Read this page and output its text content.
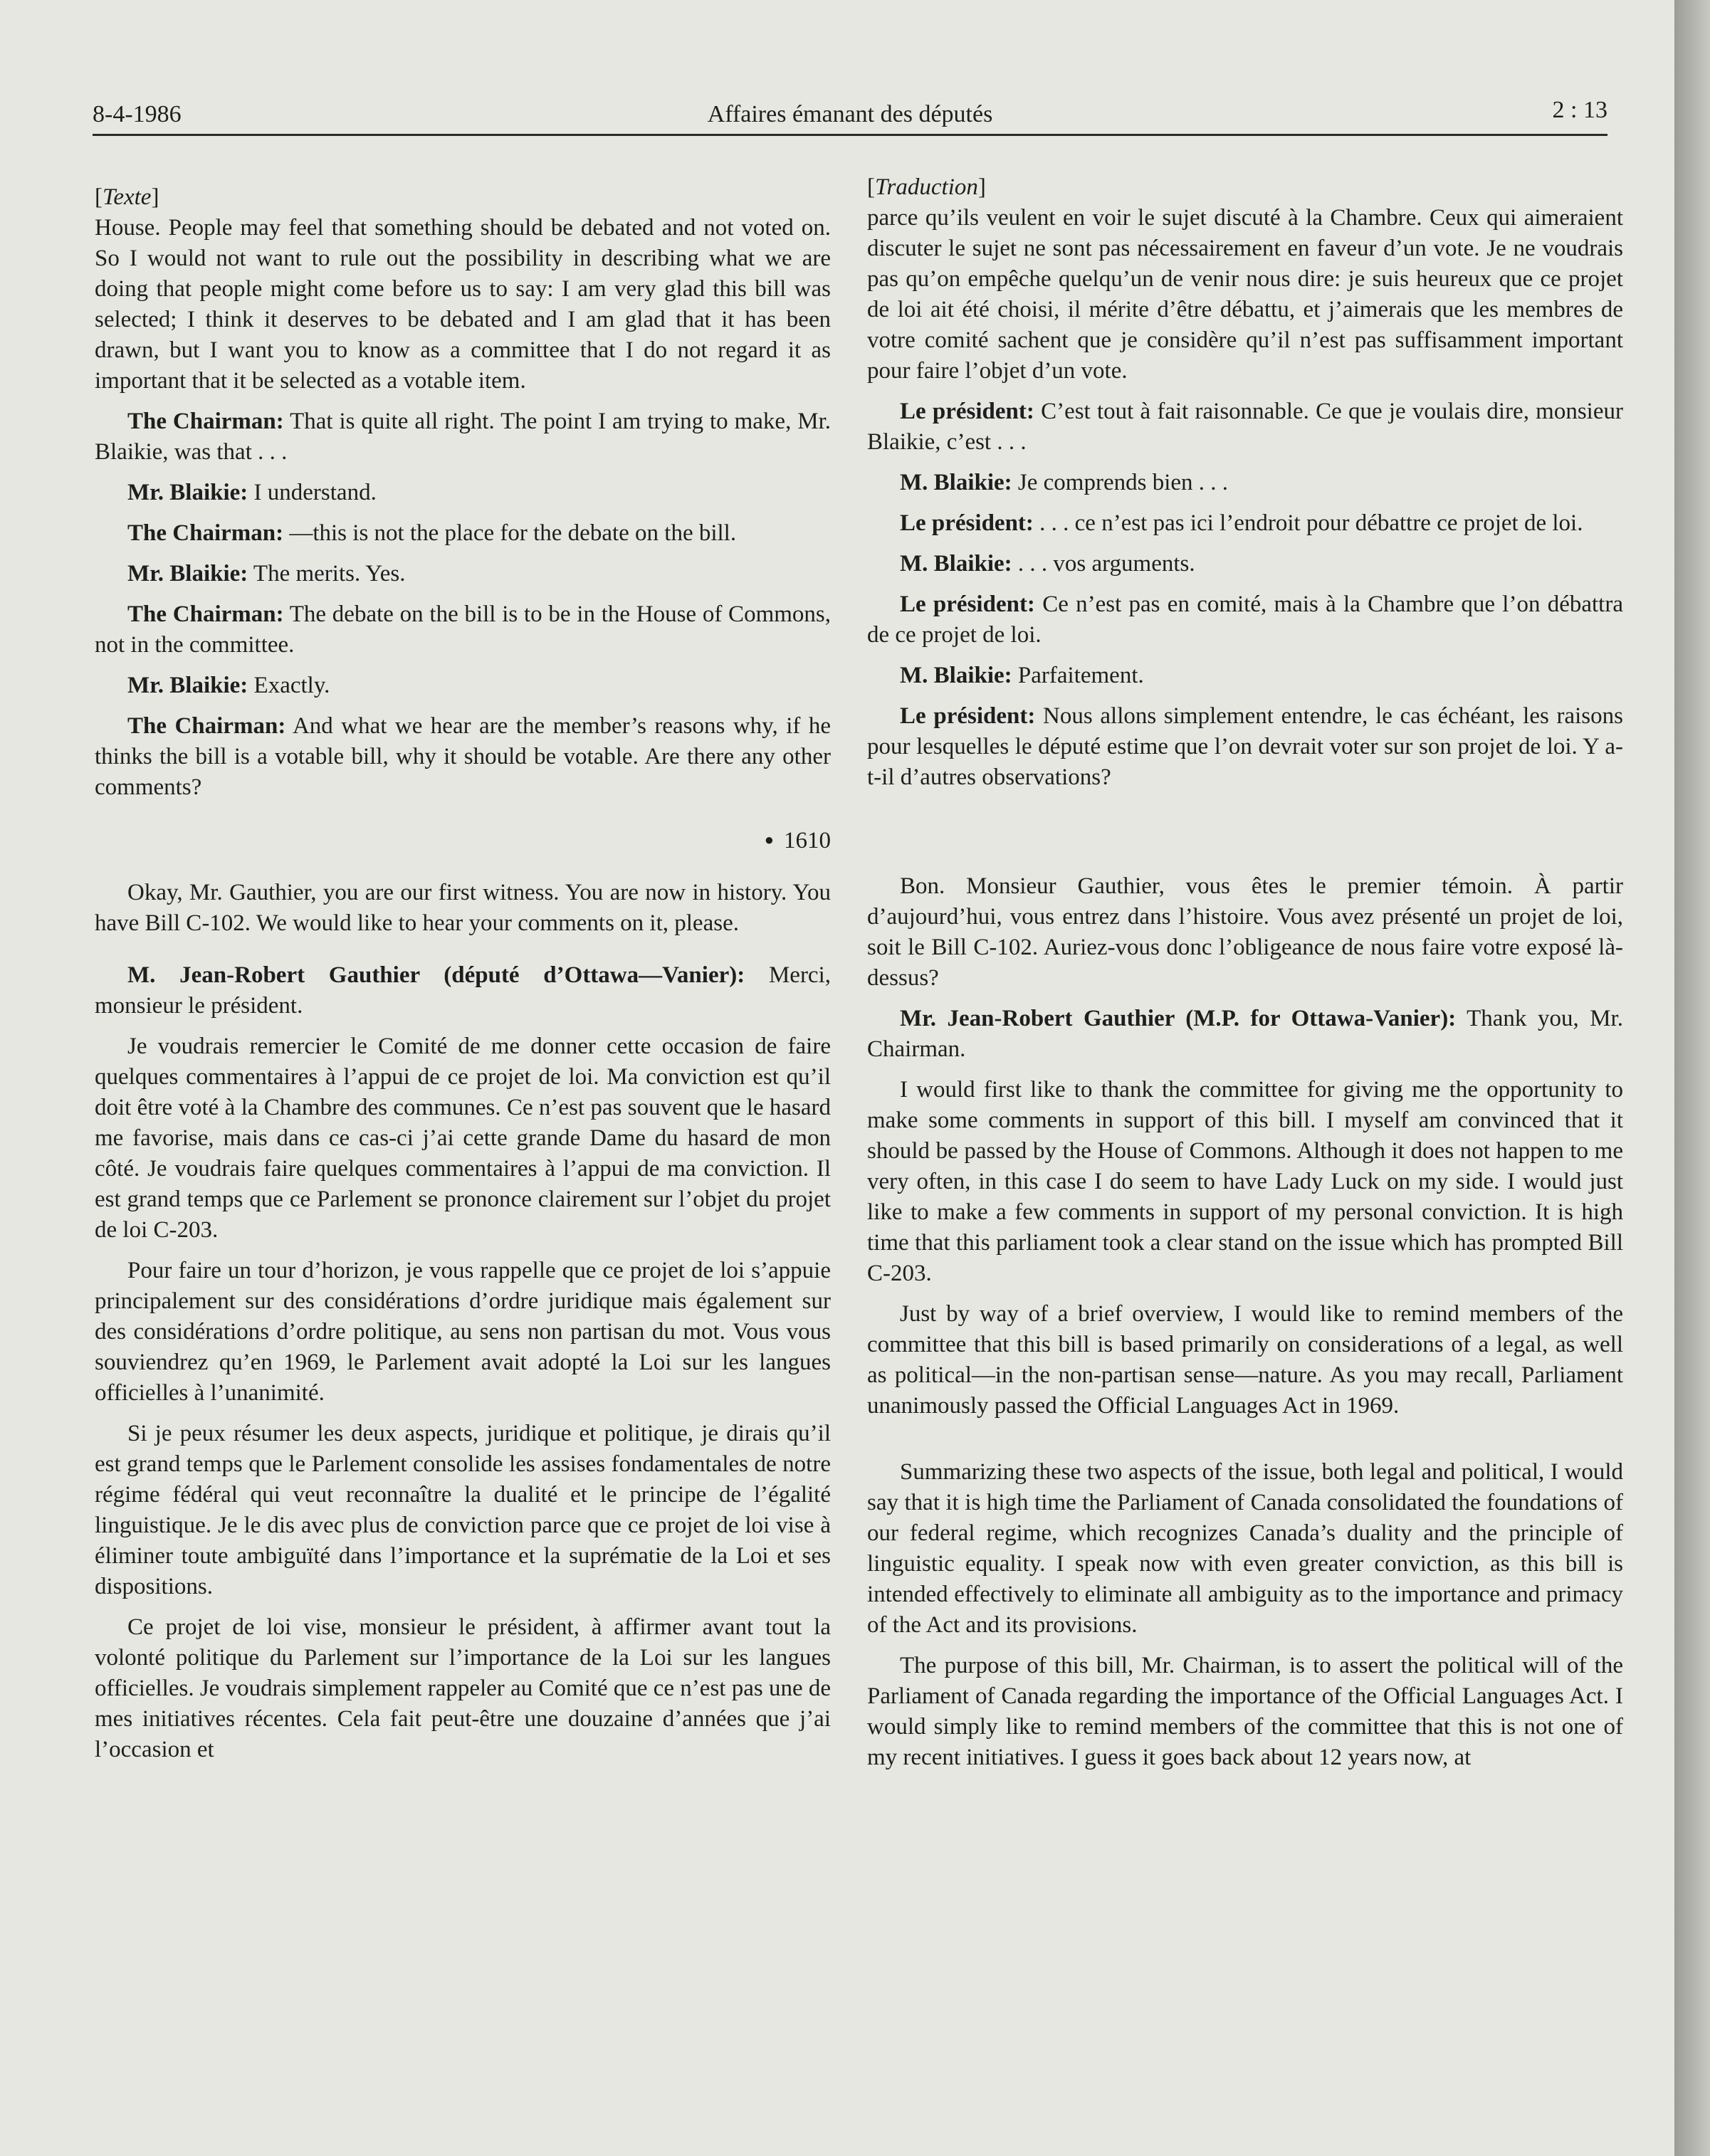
8-4-1986	Affaires émanant des députés	2 : 13

[ Texte ]

House. People may feel that something should be debated and not voted on. So I would not want to rule out the possibility in describing what we are doing that people might come before us to say: I am very glad this bill was selected; I think it deserves to be debated and I am glad that it has been drawn, but I want you to know as a committee that I do not regard it as important that it be selected as a votable item.

The Chairman: That is quite all right. The point I am trying to make, Mr. Blaikie, was that . . .

Mr. Blaikie: I understand.

The Chairman: —this is not the place for the debate on the bill.

Mr. Blaikie: The merits. Yes.

The Chairman: The debate on the bill is to be in the House of Commons, not in the committee.

Mr. Blaikie: Exactly.

The Chairman: And what we hear are the member’s reasons why, if he thinks the bill is a votable bill, why it should be votable. Are there any other comments?

● 1610

Okay, Mr. Gauthier, you are our first witness. You are now in history. You have Bill C-102. We would like to hear your comments on it, please.

M. Jean-Robert Gauthier (député d’Ottawa—Vanier): Merci, monsieur le président.

Je voudrais remercier le Comité de me donner cette occasion de faire quelques commentaires à l’appui de ce projet de loi. Ma conviction est qu’il doit être voté à la Chambre des communes. Ce n’est pas souvent que le hasard me favorise, mais dans ce cas-ci j’ai cette grande Dame du hasard de mon côté. Je voudrais faire quelques commentaires à l’appui de ma conviction. Il est grand temps que ce Parlement se prononce clairement sur l’objet du projet de loi C-203.

Pour faire un tour d’horizon, je vous rappelle que ce projet de loi s’appuie principalement sur des considérations d’ordre juridique mais également sur des considérations d’ordre politique, au sens non partisan du mot. Vous vous souviendrez qu’en 1969, le Parlement avait adopté la Loi sur les langues officielles à l’unanimité.

Si je peux résumer les deux aspects, juridique et politique, je dirais qu’il est grand temps que le Parlement consolide les assises fondamentales de notre régime fédéral qui veut reconnaître la dualité et le principe de l’égalité linguistique. Je le dis avec plus de conviction parce que ce projet de loi vise à éliminer toute ambiguïté dans l’importance et la suprématie de la Loi et ses dispositions.

Ce projet de loi vise, monsieur le président, à affirmer avant tout la volonté politique du Parlement sur l’importance de la Loi sur les langues officielles. Je voudrais simplement rappeler au Comité que ce n’est pas une de mes initiatives récentes. Cela fait peut-être une douzaine d’années que j’ai l’occasion et

[ Traduction ]

parce qu’ils veulent en voir le sujet discuté à la Chambre. Ceux qui aimeraient discuter le sujet ne sont pas nécessairement en faveur d’un vote. Je ne voudrais pas qu’on empêche quelqu’un de venir nous dire: je suis heureux que ce projet de loi ait été choisi, il mérite d’être débattu, et j’aimerais que les membres de votre comité sachent que je considère qu’il n’est pas suffisamment important pour faire l’objet d’un vote.

Le président: C’est tout à fait raisonnable. Ce que je voulais dire, monsieur Blaikie, c’est . . .

M. Blaikie: Je comprends bien . . .

Le président: . . . ce n’est pas ici l’endroit pour débattre ce projet de loi.

M. Blaikie: . . . vos arguments.

Le président: Ce n’est pas en comité, mais à la Chambre que l’on débattra de ce projet de loi.

M. Blaikie: Parfaitement.

Le président: Nous allons simplement entendre, le cas échéant, les raisons pour lesquelles le député estime que l’on devrait voter sur son projet de loi. Y a-t-il d’autres observations?

Bon. Monsieur Gauthier, vous êtes le premier témoin. À partir d’aujourd’hui, vous entrez dans l’histoire. Vous avez présenté un projet de loi, soit le Bill C-102. Auriez-vous donc l’obligeance de nous faire votre exposé là-dessus?

Mr. Jean-Robert Gauthier (M.P. for Ottawa-Vanier): Thank you, Mr. Chairman.

I would first like to thank the committee for giving me the opportunity to make some comments in support of this bill. I myself am convinced that it should be passed by the House of Commons. Although it does not happen to me very often, in this case I do seem to have Lady Luck on my side. I would just like to make a few comments in support of my personal conviction. It is high time that this parliament took a clear stand on the issue which has prompted Bill C-203.

Just by way of a brief overview, I would like to remind members of the committee that this bill is based primarily on considerations of a legal, as well as political—in the non-partisan sense—nature. As you may recall, Parliament unanimously passed the Official Languages Act in 1969.

Summarizing these two aspects of the issue, both legal and political, I would say that it is high time the Parliament of Canada consolidated the foundations of our federal regime, which recognizes Canada’s duality and the principle of linguistic equality. I speak now with even greater conviction, as this bill is intended effectively to eliminate all ambiguity as to the importance and primacy of the Act and its provisions.

The purpose of this bill, Mr. Chairman, is to assert the political will of the Parliament of Canada regarding the importance of the Official Languages Act. I would simply like to remind members of the committee that this is not one of my recent initiatives. I guess it goes back about 12 years now, at
